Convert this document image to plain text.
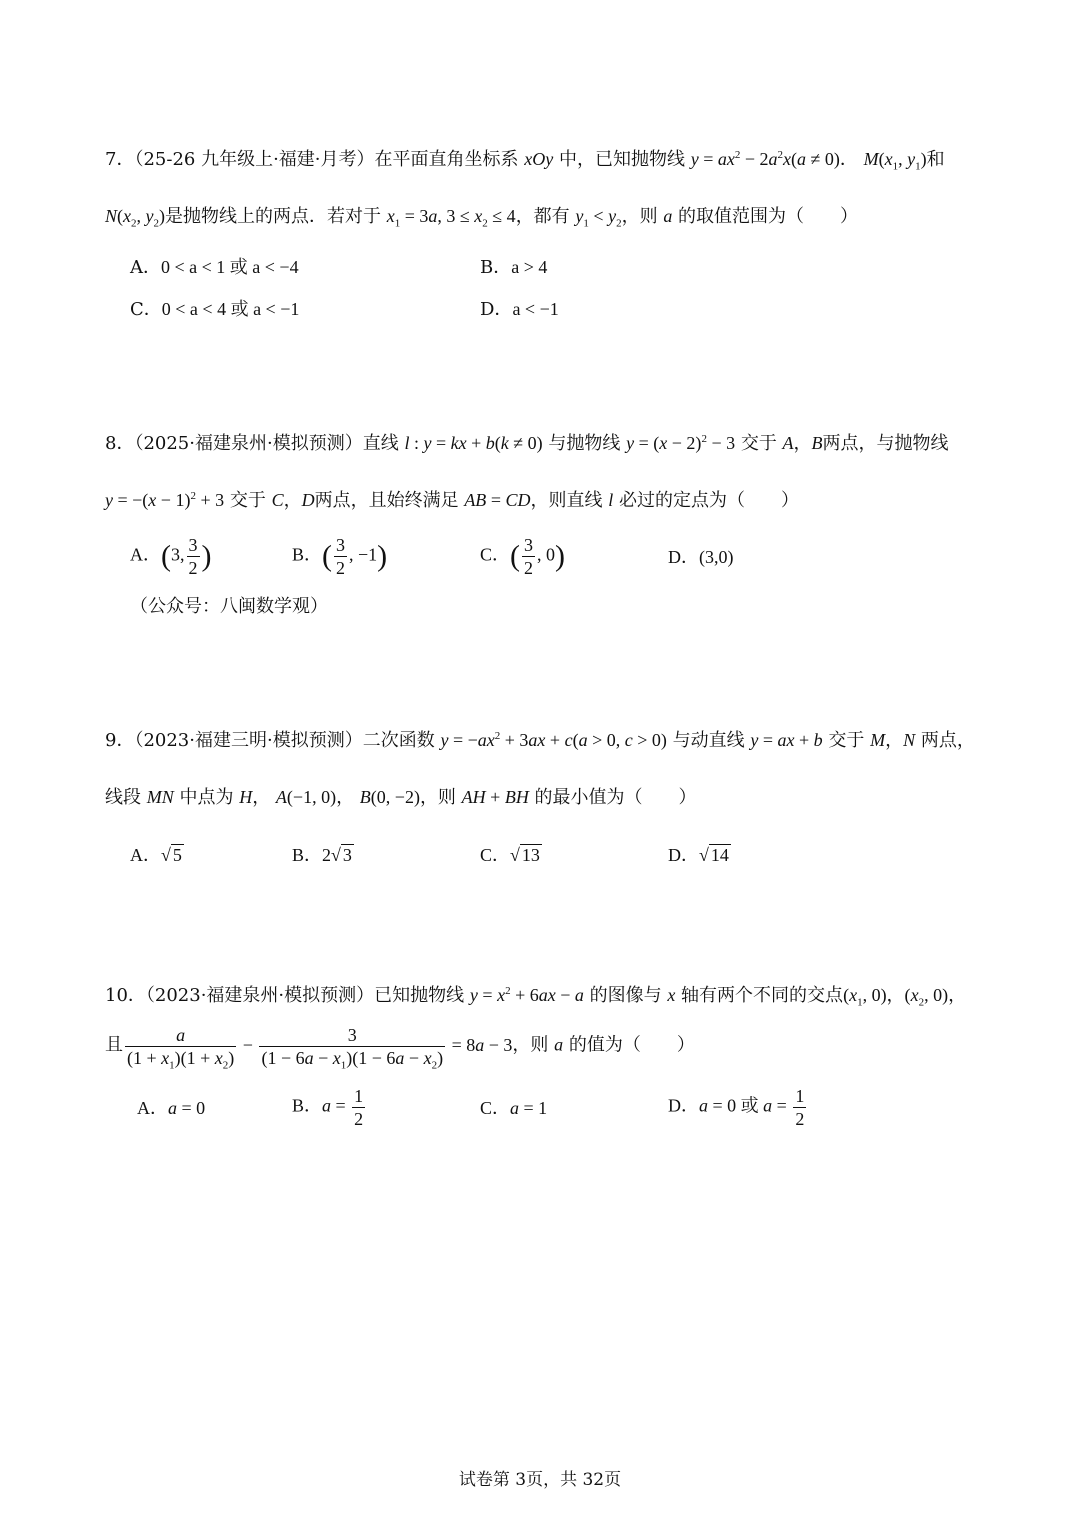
7．（25-26 九年级上·福建·月考）在平面直角坐标系 xOy 中，已知抛物线 $y = ax^2 - 2a^2x(a \ne 0)$． $M(x_1$, $y_1$)和
$N(x_2$, $y_2$)是抛物线上的两点．若对于 $x_1 = 3a$, $3 \le x_2 \le 4$，都有 $y_1 < y_2$，则 a 的取值范围为（　　）
A．0 < a < 1 或 a < −4	B．a > 4
C．0 < a < 4 或 a < −1	D．a < −1
8．（2025·福建泉州·模拟预测）直线 l : y = kx + b(k ≠ 0) 与抛物线 $y = (x - 2)^2 - 3$ 交于 A，B两点，与抛物线
$y = -(x - 1)^2 + 3$ 交于 C，D两点，且始终满足 AB = CD，则直线 l 必过的定点为（　　）
A．(3, $\frac{3}{2}$ )	B．( $\frac{3}{2}$ , −1)	C．( $\frac{3}{2}$ , 0)	D．(3,0)
（公众号：八闽数学观）
9．（2023·福建三明·模拟预测）二次函数 $y = -ax^2 + 3ax + c(a > 0$, c > 0) 与动直线 y = ax + b 交于 M，N 两点，
线段 MN 中点为 H， A(−1, 0)， B(0, −2)，则 AH + BH 的最小值为（　　）
A．√ 5	B．2√ 3	C．√ 13	D．√ 14
10．（2023·福建泉州·模拟预测）已知抛物线 $y = x^2 + 6ax - a$ 的图像与 x 轴有两个不同的交点($x_1$, 0)，($x_2$, 0)，
且 $\frac{a}{(1 + x_1)(1 + x_2)} - \frac{3}{(1 - 6a - x_1)(1 - 6a - x_2)} = 8a - 3$，则 a 的值为（　　）
A．a = 0	B．$a = \frac{1}{2}$	C．a = 1	D．a = 0 或 $a = \frac{1}{2}$
试卷第 3页，共 32页
